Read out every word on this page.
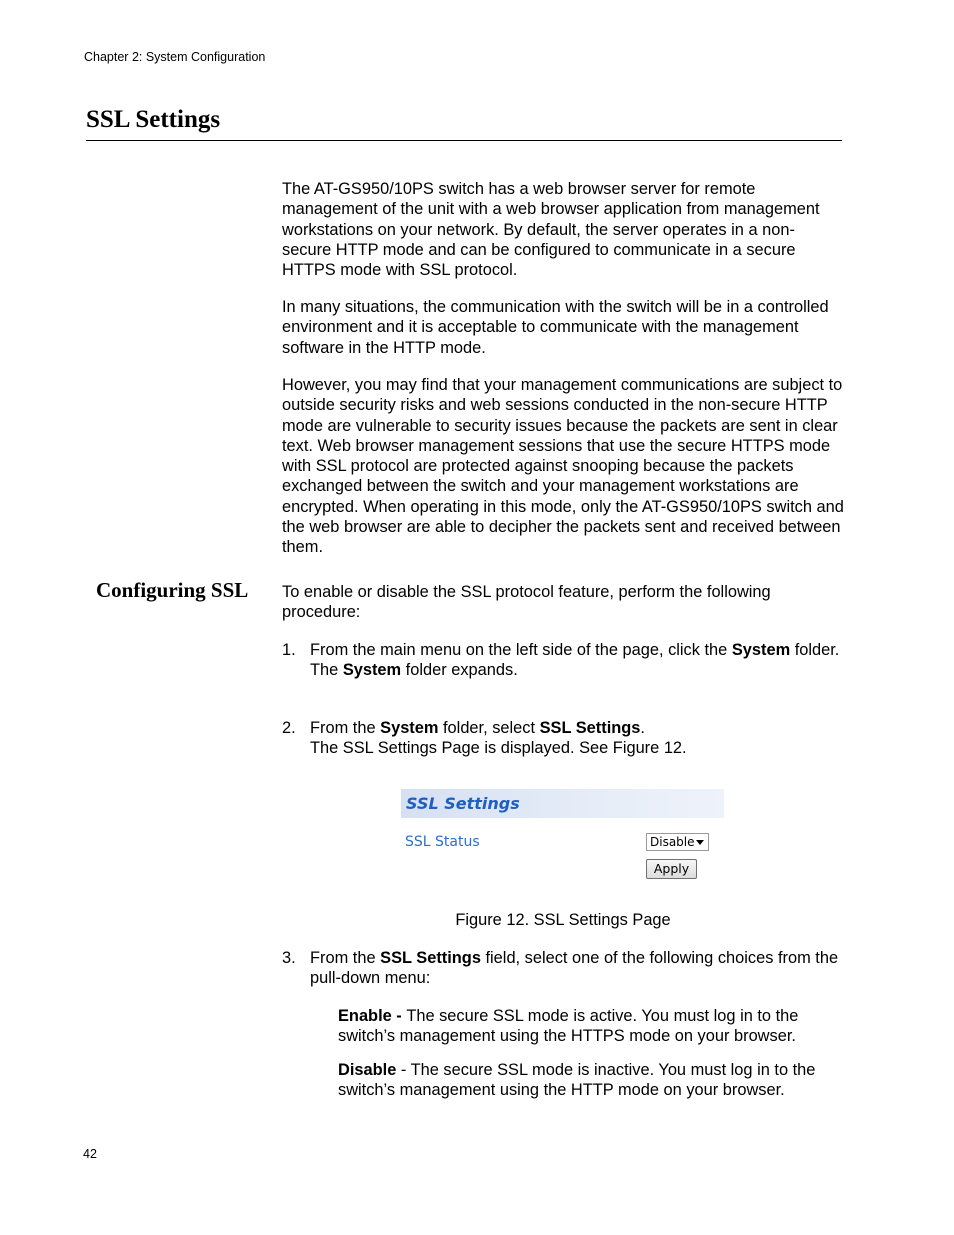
Chapter 2: System Configuration
SSL Settings

The AT-GS950/10PS switch has a web browser server for remote management of the unit with a web browser application from management workstations on your network. By default, the server operates in a non-secure HTTP mode and can be configured to communicate in a secure HTTPS mode with SSL protocol.

In many situations, the communication with the switch will be in a controlled environment and it is acceptable to communicate with the management software in the HTTP mode.

However, you may find that your management communications are subject to outside security risks and web sessions conducted in the non-secure HTTP mode are vulnerable to security issues because the packets are sent in clear text. Web browser management sessions that use the secure HTTPS mode with SSL protocol are protected against snooping because the packets exchanged between the switch and your management workstations are encrypted. When operating in this mode, only the AT-GS950/10PS switch and the web browser are able to decipher the packets sent and received between them.

Configuring SSL To enable or disable the SSL protocol feature, perform the following procedure:

1. From the main menu on the left side of the page, click the System folder.
The System folder expands.
2. From the System folder, select SSL Settings.
The SSL Settings Page is displayed. See Figure 12.
SSL Settings
SSL Status	Disable
Apply
Figure 12. SSL Settings Page
3. From the SSL Settings field, select one of the following choices from the pull-down menu:
Enable - The secure SSL mode is active. You must log in to the switch’s management using the HTTPS mode on your browser.
Disable - The secure SSL mode is inactive. You must log in to the switch’s management using the HTTP mode on your browser.
42
